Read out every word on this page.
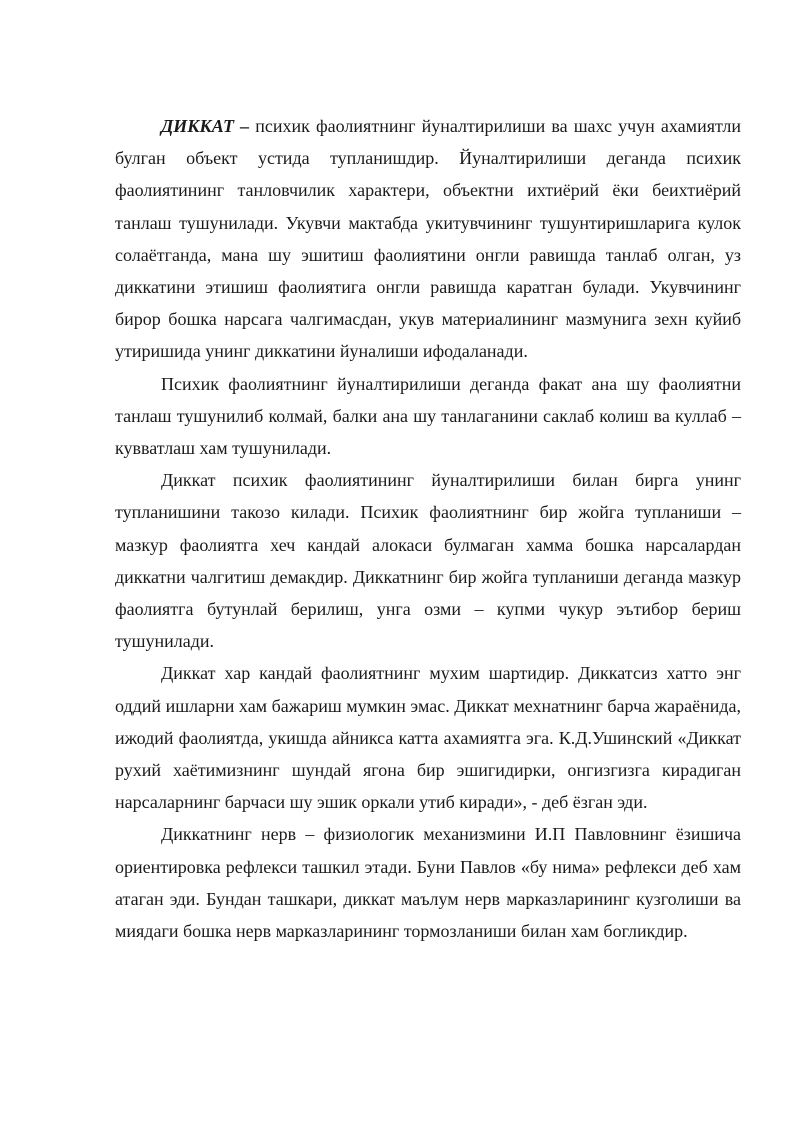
ДИККАТ – психик фаолиятнинг йуналтирилиши ва шахс учун ахамиятли булган объект устида тупланишдир. Йуналтирилиши деганда психик фаолиятининг танловчилик характери, объектни ихтиёрий ёки беихтиёрий танлаш тушунилади. Укувчи мактабда укитувчининг тушунтиришларига кулок солаётганда, мана шу эшитиш фаолиятини онгли равишда танлаб олган, уз диккатини этишиш фаолиятига онгли равишда каратган булади. Укувчининг бирор бошка нарсага чалгимасдан, укув материалининг мазмунига зехн куйиб утиришида унинг диккатини йуналиши ифодаланади.

Психик фаолиятнинг йуналтирилиши деганда факат ана шу фаолиятни танлаш тушунилиб колмай, балки ана шу танлаганини саклаб колиш ва куллаб – кувватлаш хам тушунилади.

Диккат психик фаолиятининг йуналтирилиши билан бирга унинг тупланишини такозо килади. Психик фаолиятнинг бир жойга тупланиши – мазкур фаолиятга хеч кандай алокаси булмаган хамма бошка нарсалардан диккатни чалгитиш демакдир. Диккатнинг бир жойга тупланиши деганда мазкур фаолиятга бутунлай берилиш, унга озми – купми чукур эътибор бериш тушунилади.

Диккат хар кандай фаолиятнинг мухим шартидир. Диккатсиз хатто энг оддий ишларни хам бажариш мумкин эмас. Диккат мехнатнинг барча жараёнида, ижодий фаолиятда, укишда айникса катта ахамиятга эга. К.Д.Ушинский «Диккат рухий хаётимизнинг шундай ягона бир эшигидирки, онгизгизга кирадиган нарсаларнинг барчаси шу эшик оркали утиб киради», - деб ёзган эди.

Диккатнинг нерв – физиологик механизмини И.П Павловнинг ёзишича ориентировка рефлекси ташкил этади. Буни Павлов «бу нима» рефлекси деб хам атаган эди. Бундан ташкари, диккат маълум нерв марказларининг кузголиши ва миядаги бошка нерв марказларининг тормозланиши билан хам богликдир.
